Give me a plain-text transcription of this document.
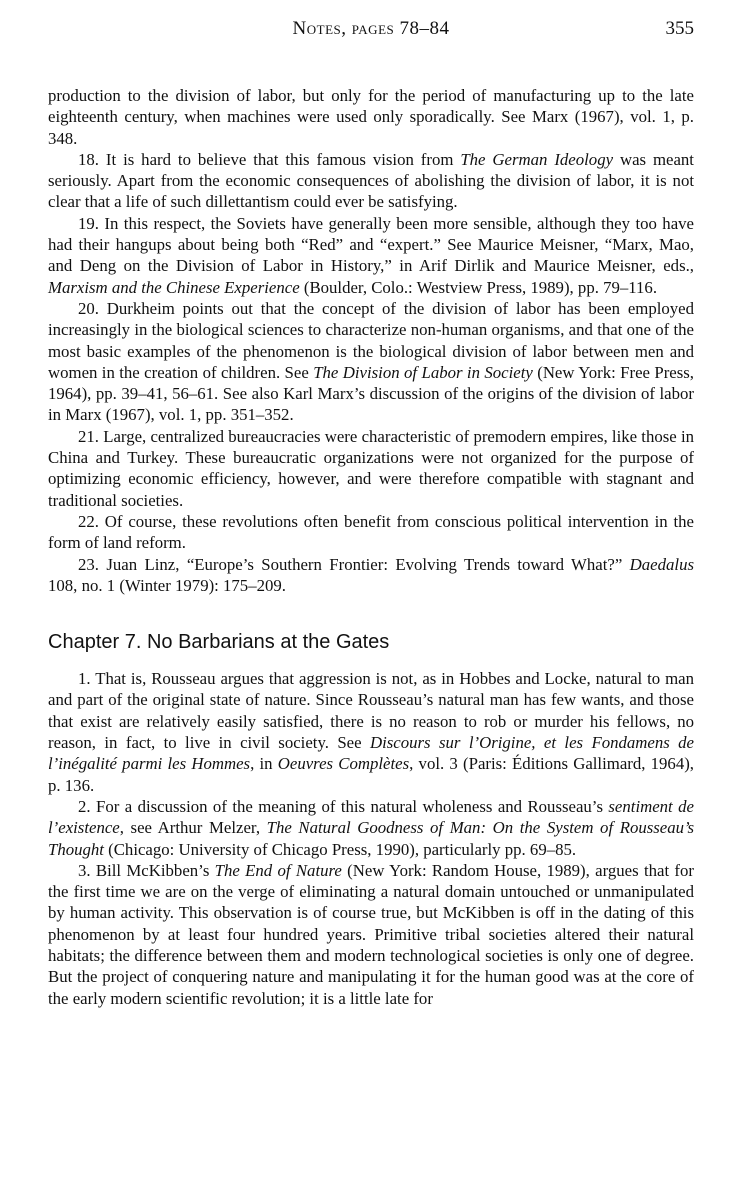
Notes, pages 78–84	355

production to the division of labor, but only for the period of manufacturing up to the late eighteenth century, when machines were used only sporadically. See Marx (1967), vol. 1, p. 348.

18. It is hard to believe that this famous vision from The German Ideology was meant seriously. Apart from the economic consequences of abolishing the division of labor, it is not clear that a life of such dillettantism could ever be satisfying.

19. In this respect, the Soviets have generally been more sensible, although they too have had their hangups about being both “Red” and “expert.” See Maurice Meisner, “Marx, Mao, and Deng on the Division of Labor in History,” in Arif Dirlik and Maurice Meisner, eds., Marxism and the Chinese Experience (Boulder, Colo.: Westview Press, 1989), pp. 79–116.

20. Durkheim points out that the concept of the division of labor has been employed increasingly in the biological sciences to characterize non-human organisms, and that one of the most basic examples of the phenomenon is the biological division of labor between men and women in the creation of children. See The Division of Labor in Society (New York: Free Press, 1964), pp. 39–41, 56–61. See also Karl Marx’s discussion of the origins of the division of labor in Marx (1967), vol. 1, pp. 351–352.

21. Large, centralized bureaucracies were characteristic of premodern empires, like those in China and Turkey. These bureaucratic organizations were not organized for the purpose of optimizing economic efficiency, however, and were therefore compatible with stagnant and traditional societies.

22. Of course, these revolutions often benefit from conscious political intervention in the form of land reform.

23. Juan Linz, “Europe’s Southern Frontier: Evolving Trends toward What?” Daedalus 108, no. 1 (Winter 1979): 175–209.

Chapter 7. No Barbarians at the Gates

1. That is, Rousseau argues that aggression is not, as in Hobbes and Locke, natural to man and part of the original state of nature. Since Rousseau’s natural man has few wants, and those that exist are relatively easily satisfied, there is no reason to rob or murder his fellows, no reason, in fact, to live in civil society. See Discours sur l’Origine, et les Fondamens de l’inégalité parmi les Hommes, in Oeuvres Complètes, vol. 3 (Paris: Éditions Gallimard, 1964), p. 136.

2. For a discussion of the meaning of this natural wholeness and Rousseau’s sentiment de l’existence, see Arthur Melzer, The Natural Goodness of Man: On the System of Rousseau’s Thought (Chicago: University of Chicago Press, 1990), particularly pp. 69–85.

3. Bill McKibben’s The End of Nature (New York: Random House, 1989), argues that for the first time we are on the verge of eliminating a natural domain untouched or unmanipulated by human activity. This observation is of course true, but McKibben is off in the dating of this phenomenon by at least four hundred years. Primitive tribal societies altered their natural habitats; the difference between them and modern technological societies is only one of degree. But the project of conquering nature and manipulating it for the human good was at the core of the early modern scientific revolution; it is a little late for
